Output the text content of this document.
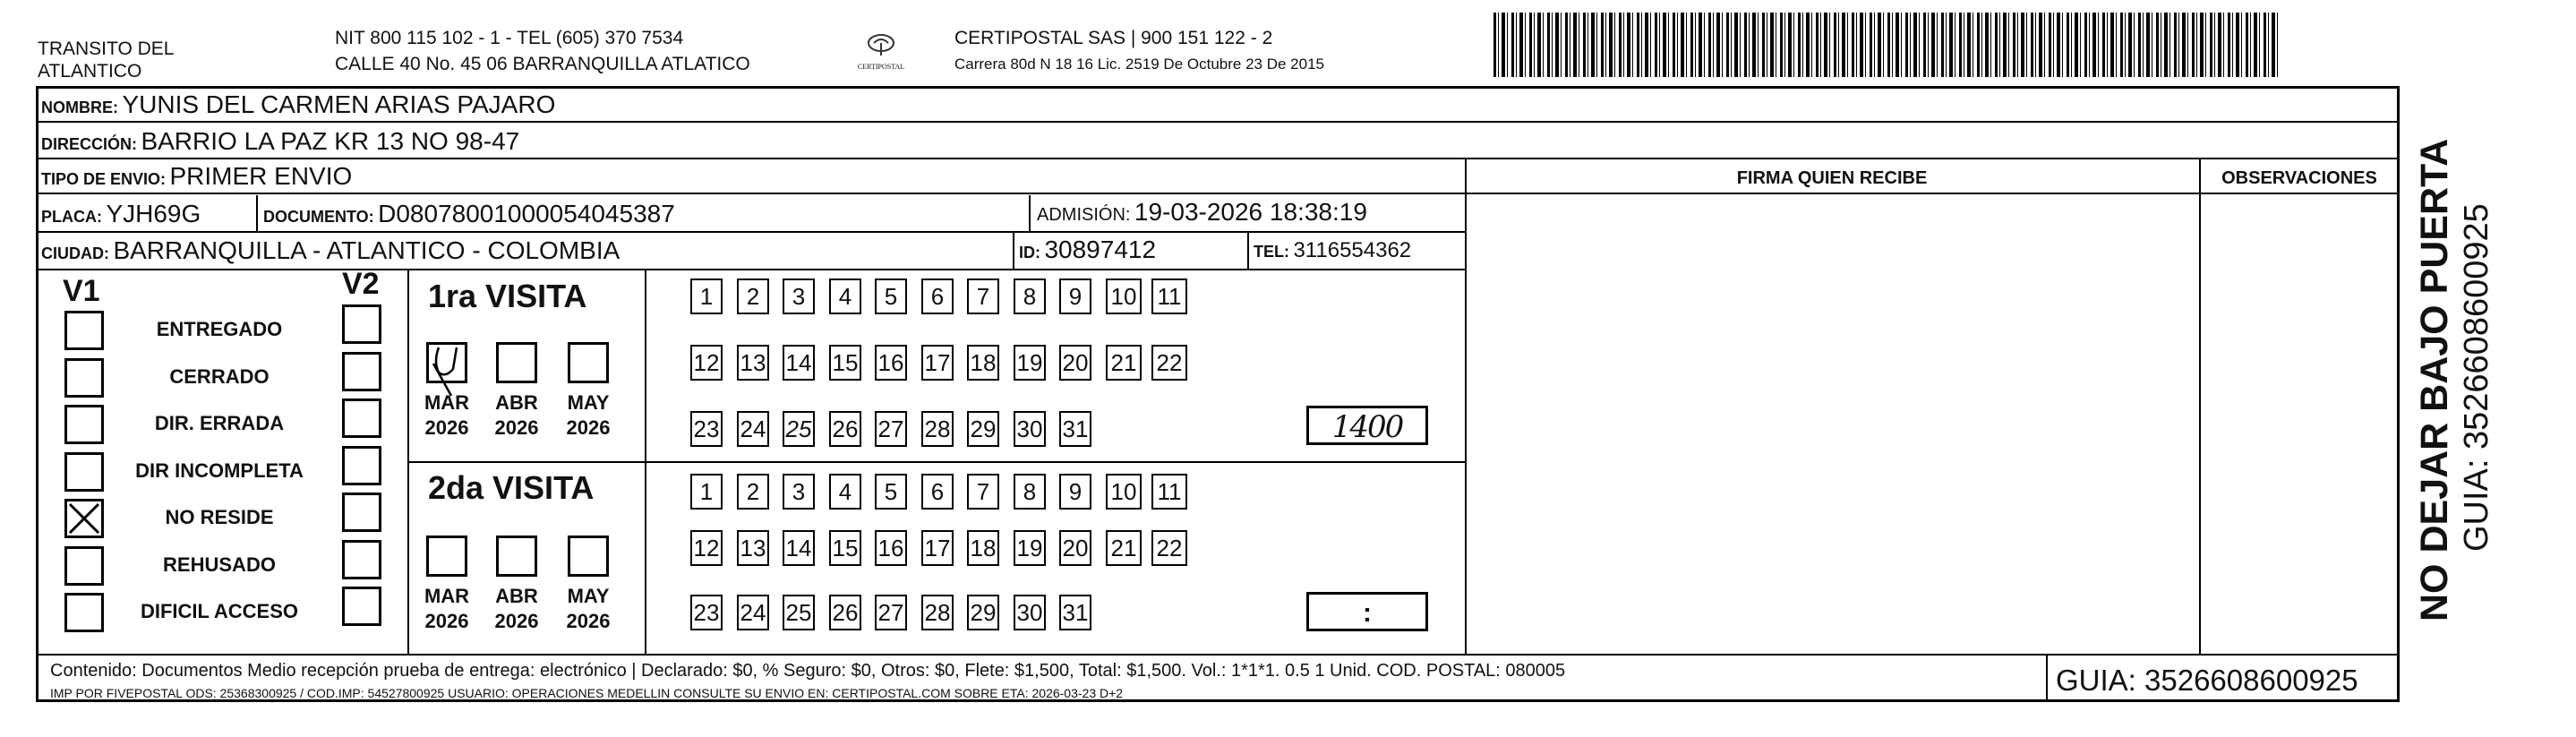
TRANSITO DEL
ATLANTICO
NIT 800 115 102 - 1 - TEL (605) 370 7534
CALLE 40 No. 45 06 BARRANQUILLA ATLATICO	CERTIPOSTAL
CERTIPOSTAL SAS | 900 151 122 - 2
Carrera 80d N 18 16 Lic. 2519 De Octubre 23 De 2015
NOMBRE: YUNIS DEL CARMEN ARIAS PAJARO
DIRECCIÓN: BARRIO LA PAZ KR 13 NO 98-47
TIPO DE ENVIO: PRIMER ENVIO	FIRMA QUIEN RECIBE	OBSERVACIONES
PLACA: YJH69G	DOCUMENTO: D08078001000054045387	ADMISIÓN: 19-03-2026 18:38:19
CIUDAD: BARRANQUILLA - ATLANTICO - COLOMBIA	ID: 30897412	TEL: 3116554362
V1	V2
ENTREGADO
CERRADO
DIR. ERRADA
DIR INCOMPLETA
NO RESIDE
REHUSADO
DIFICIL ACCESO
1ra VISITA
2da VISITA
MAR
2026
ABR
2026
MAY
2026
MAR
2026
ABR
2026
MAY
2026
1	2	3	4	5	6	7	8	9	10 11
12 13 14 15 16 17 18 19 20 21 22
23 24 25 26 27 28 29 30 31
1	2	3	4	5	6	7	8	9	10 11
12 13 14 15 16 17 18 19 20 21 22
23 24 25 26 27 28 29 30 31
1400
:
Contenido: Documentos Medio recepción prueba de entrega: electrónico | Declarado: $0, % Seguro: $0, Otros: $0, Flete: $1,500, Total: $1,500. Vol.: 1*1*1. 0.5 1 Unid. COD. POSTAL: 080005
IMP POR FIVEPOSTAL ODS: 25368300925 / COD.IMP: 54527800925 USUARIO: OPERACIONES MEDELLIN CONSULTE SU ENVIO EN: CERTIPOSTAL.COM SOBRE ETA: 2026-03-23 D+2	GUIA: 3526608600925
NO DEJAR BAJO PUERTA GUIA: 3526608600925
